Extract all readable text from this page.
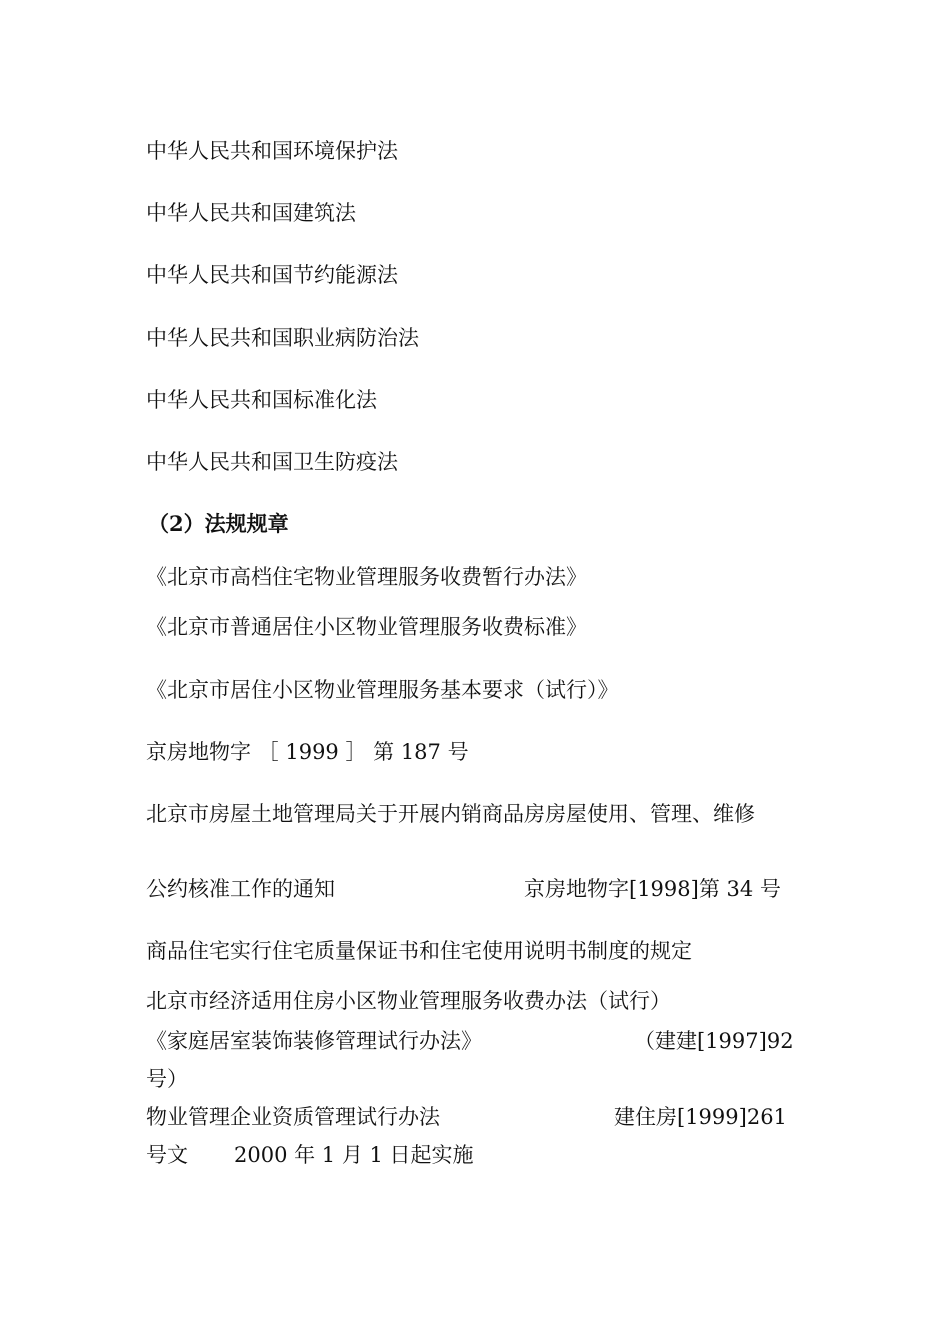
中华人民共和国环境保护法

中华人民共和国建筑法

中华人民共和国节约能源法

中华人民共和国职业病防治法

中华人民共和国标准化法

中华人民共和国卫生防疫法

（2）法规规章

《北京市高档住宅物业管理服务收费暂行办法》

《北京市普通居住小区物业管理服务收费标准》

《北京市居住小区物业管理服务基本要求（试行）》

京房地物字 ［ 1999 ］ 第 187 号

北京市房屋土地管理局关于开展内销商品房房屋使用、管理、维修

公约核准工作的通知	京房地物字[1998]第 34 号

商品住宅实行住宅质量保证书和住宅使用说明书制度的规定

北京市经济适用住房小区物业管理服务收费办法（试行）

《家庭居室装饰装修管理试行办法》	（建建[1997]92

号）

物业管理企业资质管理试行办法	建住房[1999]261

号文 2000 年 1 月 1 日起实施
